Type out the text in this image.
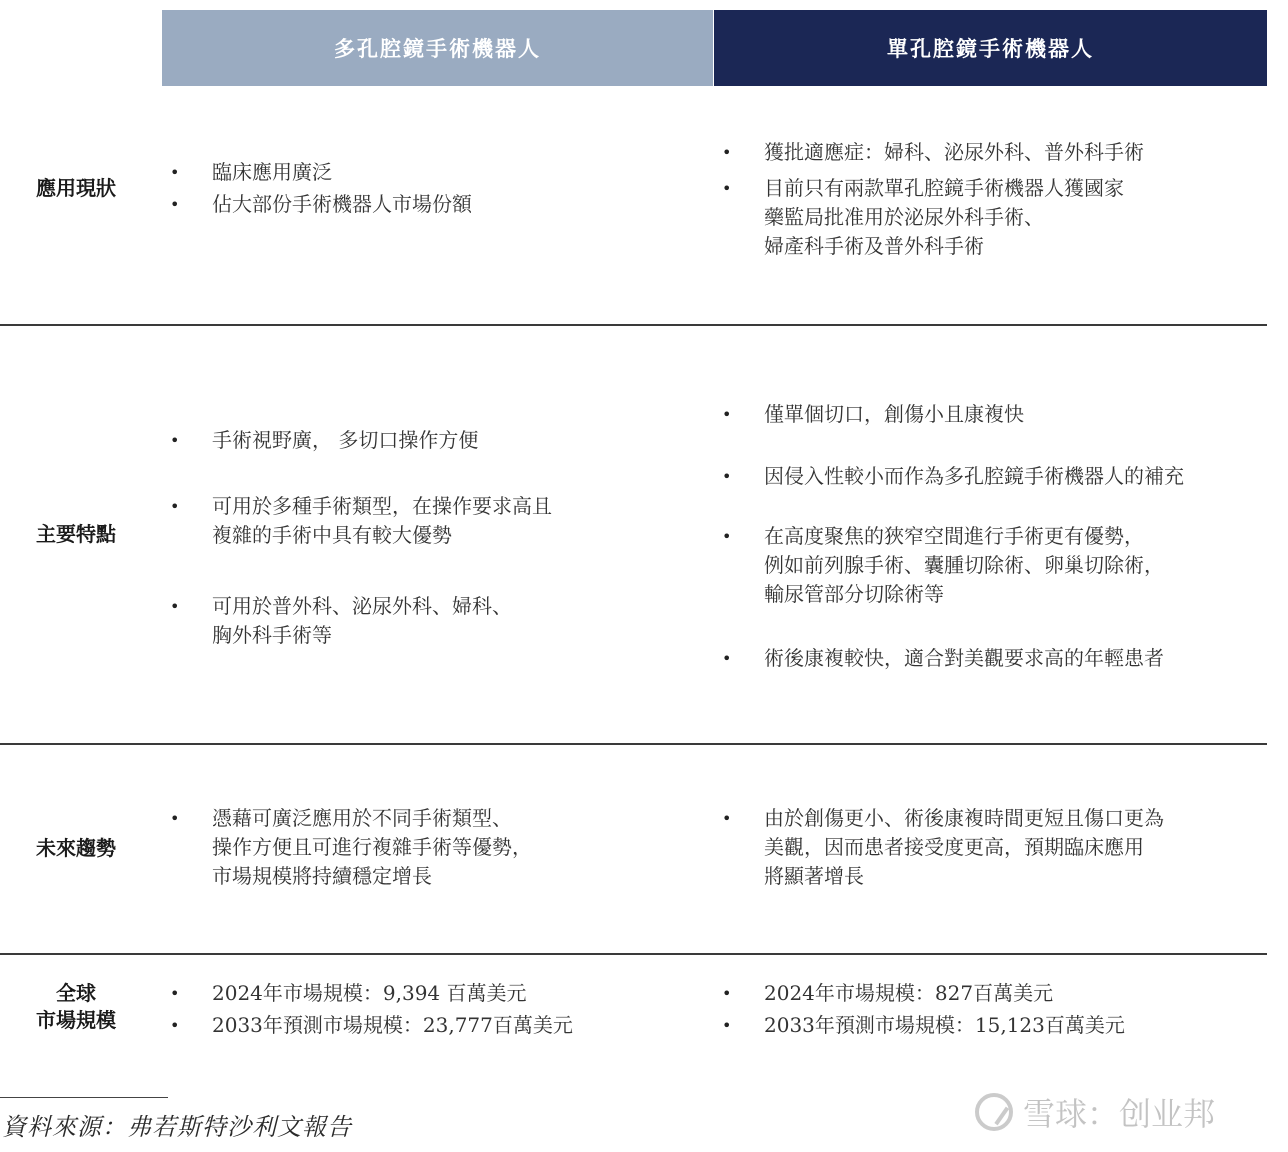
多孔腔鏡手術機器人	單孔腔鏡手術機器人
應用現狀
• 臨床應用廣泛
• 佔大部份手術機器人市場份額
• 獲批適應症：婦科、泌尿外科、普外科手術
• 目前只有兩款單孔腔鏡手術機器人獲國家
藥監局批准用於泌尿外科手術、
婦產科手術及普外科手術
主要特點
• 手術視野廣， 多切口操作方便
• 可用於多種手術類型，在操作要求高且
複雜的手術中具有較大優勢
• 可用於普外科、泌尿外科、婦科、
胸外科手術等
• 僅單個切口，創傷小且康複快
• 因侵入性較小而作為多孔腔鏡手術機器人的補充
• 在高度聚焦的狹窄空間進行手術更有優勢，
例如前列腺手術、囊腫切除術、卵巢切除術，
輸尿管部分切除術等
• 術後康複較快，適合對美觀要求高的年輕患者
未來趨勢
• 憑藉可廣泛應用於不同手術類型、
操作方便且可進行複雜手術等優勢，
市場規模將持續穩定增長
• 由於創傷更小、術後康複時間更短且傷口更為
美觀，因而患者接受度更高，預期臨床應用
將顯著增長
全球
市場規模
• 2024年市場規模：9,394 百萬美元
• 2033年預測市場規模：23,777百萬美元
• 2024年市場規模：827百萬美元
• 2033年預測市場規模：15,123百萬美元
資料來源：弗若斯特沙利文報告	雪球：创业邦
